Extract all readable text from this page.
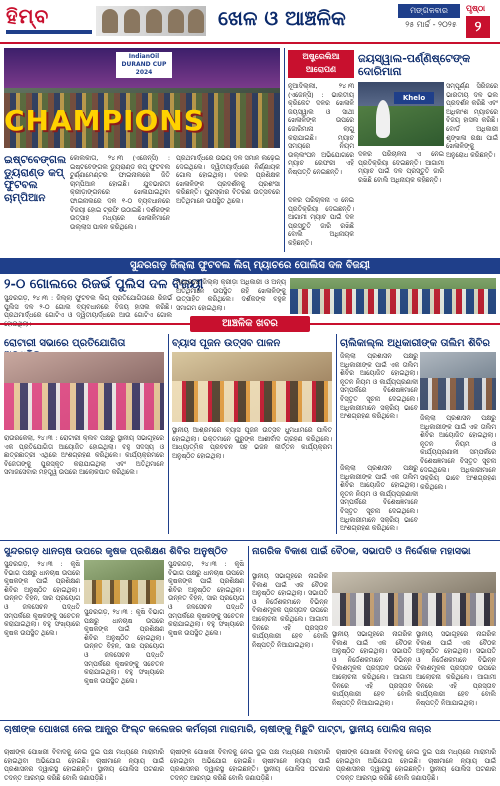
ହିମ୍ବ	ଖେଳ ଓ ଆଞ୍ଚଳିକ	ମଙ୍ଗଳବାର
୨୫ ମାର୍ଚ୍ଚ - ୨୦୨୫
ପୃଷ୍ଠା
୨
IndianOil DURAND CUP 2024
CHAMPIONS
ଇଷ୍ଟବେଙ୍ଗଲ ଡ୍ୟୁରାଣ୍ଡ କପ୍ ଫୁଟବଲ ଚାମ୍ପିଆନ
କୋଲକାତା, ୨୪।୩ (ଏଜେନ୍ସି) : ଇଷ୍ଟବେଙ୍ଗଲ ଡ୍ୟୁରାଣ୍ଡ କପ୍ ଫୁଟବଲ ଟୁର୍ଣ୍ଣାମେଣ୍ଟର ଫାଇନାଲରେ ଜିତି ଚାମ୍ପିଆନ ହୋଇଛି। ଯୁବଭାରତୀ କ୍ରୀଡ଼ାଙ୍ଗନରେ ଖେଳାଯାଇଥିବା ଫାଇନାଲରେ ଦଳ ୧-୦ ବ୍ୟବଧାନରେ ବିଜୟୀ ହୋଇ ଟ୍ରଫି ଉଠାଇଛି। ଦର୍ଶକଙ୍କ ଉତ୍ସାହ ମଧ୍ୟରେ ଖେଳାଳିମାନେ ଉଲ୍ଲାସ ପାଳନ କରିଥିଲେ।
ପ୍ରଥମାର୍ଦ୍ଧରେ ଉଭୟ ଦଳ ସମାନ ଲଢ଼େଇ ଦେଇଥିଲେ। ଦ୍ୱିତୀୟାର୍ଦ୍ଧରେ ନିର୍ଣ୍ଣାୟକ ଗୋଲ ହୋଇଥିଲା। ଦଳର ପ୍ରଶିକ୍ଷକ ଖେଳାଳିଙ୍କ ପ୍ରଦର୍ଶନକୁ ପ୍ରଶଂସା କରିଛନ୍ତି। ପୁରସ୍କାର ବିତରଣ ଉତ୍ସବରେ ଅତିଥିମାନେ ଉପସ୍ଥିତ ଥିଲେ।
ଅଷ୍ଟ୍ରେଲିଆ ଆରୋପଣ
ଜୟସ୍ୱାଲ-ପର୍ଣ୍ଣିଷ୍ଟେଙ୍କ ଦୋରିମାନା
ନୂଆଦିଲ୍ଲୀ, ୨୪।୩ (ଏଜେନ୍ସି) : ଭାରତୀୟ କ୍ରିକେଟ ଦଳର ଖେଳାଳି ଜୟସ୍ୱାଲ ଓ ସାଥୀ ଖେଳାଳିଙ୍କ ଉପରେ ଜୋରିମାନା ଲାଗୁ କରାଯାଇଛି। ମ୍ୟାଚ ସମୟରେ ନିୟମ ଉଲ୍ଲଂଘନ ଅଭିଯୋଗରେ ମ୍ୟାଚ ରେଫରୀ ଏହି ନିଷ୍ପତ୍ତି ନେଇଛନ୍ତି।
Khelo
ସମ୍ପୂର୍ଣ୍ଣ ସିରିଜରେ ଭାରତୀୟ ଦଳ ଭଲ ପ୍ରଦର୍ଶନ କରିଛି ଏବଂ ଅଧିକାଂଶ ମ୍ୟାଚରେ ବିଜୟ ହାସଲ କରିଛି। ବୋର୍ଡ ଅଧିକାରୀ ଶୃଙ୍ଖଳା ରକ୍ଷା ପାଇଁ ଖେଳାଳିଙ୍କୁ ଅନୁରୋଧ କରିଛନ୍ତି।
ଦଳର ପରିଚାଳନା ଏ ନେଇ ପ୍ରତିକ୍ରିୟା ଦେଇଛନ୍ତି। ଆଗାମୀ ମ୍ୟାଚ ପାଇଁ ଦଳ ପ୍ରସ୍ତୁତି ଜାରି ରଖିଛି ବୋଲି ଅଧିନାୟକ କହିଛନ୍ତି।
ଦଳର ପରିଚାଳନା ଏ ନେଇ ପ୍ରତିକ୍ରିୟା ଦେଇଛନ୍ତି। ଆଗାମୀ ମ୍ୟାଚ ପାଇଁ ଦଳ ପ୍ରସ୍ତୁତି ଜାରି ରଖିଛି ବୋଲି ଅଧିନାୟକ କହିଛନ୍ତି।
ସୁନ୍ଦରଗଡ଼ ଜିଲ୍ଲା ଫୁଟବଲ ଲିଗ୍ ମ୍ୟାଚରେ ପୋଲିସ ଦଳ ବିଜୟୀ
୨-୦ ଗୋଲରେ ରିଜର୍ଭ ପୁଲିସ ଦଳ ବିଜୟୀ
ସୁନ୍ଦରଗଡ଼, ୨୪।୩ : ଜିଲ୍ଲା ଫୁଟବଲ ଲିଗ୍ ପ୍ରତିଯୋଗିତାରେ ରିଜର୍ଭ ପୁଲିସ ଦଳ ୨-୦ ଗୋଲ ବ୍ୟବଧାନରେ ବିଜୟ ହାସଲ କରିଛି। ପ୍ରଥମାର୍ଦ୍ଧରେ ଗୋଟିଏ ଓ ଦ୍ୱିତୀୟାର୍ଦ୍ଧରେ ଆଉ ଗୋଟିଏ ଗୋଲ
ମ୍ୟାଚରେ ଜିଲ୍ଲା କ୍ରୀଡ଼ା ଅଧିକାରୀ ଓ ଅନ୍ୟ ଅତିଥିମାନେ ଉପସ୍ଥିତ ରହି ଖେଳାଳିଙ୍କୁ ଉତ୍ସାହିତ କରିଥିଲେ। ଦର୍ଶକଙ୍କ ବହୁଳ ସମାଗମ ହୋଇଥିଲା।
ଆଞ୍ଚଳିକ ଖବର
ରୋଟାରୀ ସଭାରେ ପ୍ରତିଯୋଗିତା
ରାଉରକେଲା, ୨୪।୩ : ରୋଟାରୀ କ୍ଲବ ପକ୍ଷରୁ ସ୍ଥାନୀୟ ସଭାଗୃହରେ ଏକ ପ୍ରତିଯୋଗିତା ଆୟୋଜିତ ହୋଇଥିଲା। ବହୁ ସଦସ୍ୟ ଓ ଛାତ୍ରଛାତ୍ରୀ ଏଥିରେ ଅଂଶଗ୍ରହଣ କରିଥିଲେ। କାର୍ଯ୍ୟକ୍ରମରେ ବିଜେତାଙ୍କୁ ପୁରସ୍କୃତ କରାଯାଇଥିଲା ଏବଂ ଅତିଥିମାନେ ସମାଜସେବାର ମହତ୍ତ୍ୱ ଉପରେ ଆଲୋକପାତ କରିଥିଲେ।
ବ୍ୟାସ ପୂଜନ ଉତ୍ସବ ପାଳନ
ସ୍ଥାନୀୟ ଆଶ୍ରମରେ ବ୍ୟାସ ପୂଜନ ଉତ୍ସବ ଧୁମଧାମରେ ପାଳିତ ହୋଇଥିଲା। ଭକ୍ତମାନେ ଗୁରୁଙ୍କ ଆଶୀର୍ବାଦ ଗ୍ରହଣ କରିଥିଲେ। ଆଧ୍ୟାତ୍ମିକ ପ୍ରବଚନ ସହ ଭଜନ କୀର୍ତ୍ତନ କାର୍ଯ୍ୟକ୍ରମ ଅନୁଷ୍ଠିତ ହୋଇଥିଲା।
ଚାଲିକାଲ୍ଲ ଅଧିକାରୀଙ୍କ ତାଲିମ ଶିବିର
ଜିଲ୍ଲା ପ୍ରଶାସନ ପକ୍ଷରୁ ଅଧିକାରୀଙ୍କ ପାଇଁ ଏକ ତାଲିମ ଶିବିର ଆୟୋଜିତ ହୋଇଥିଲା। ନୂତନ ନିୟମ ଓ କାର୍ଯ୍ୟପ୍ରଣାଳୀ ସମ୍ପର୍କରେ ବିଶେଷଜ୍ଞମାନେ ବିସ୍ତୃତ ସୂଚନା ଦେଇଥିଲେ। ଅଧିକାରୀମାନେ ସକ୍ରିୟ ଭାବେ ଅଂଶଗ୍ରହଣ କରିଥିଲେ।	ଜିଲ୍ଲା ପ୍ରଶାସନ ପକ୍ଷରୁ ଅଧିକାରୀଙ୍କ ପାଇଁ ଏକ ତାଲିମ ଶିବିର ଆୟୋଜିତ ହୋଇଥିଲା। ନୂତନ ନିୟମ ଓ କାର୍ଯ୍ୟପ୍ରଣାଳୀ ସମ୍ପର୍କରେ ବିଶେଷଜ୍ଞମାନେ ବିସ୍ତୃତ ସୂଚନା ଦେଇଥିଲେ। ଅଧିକାରୀମାନେ ସକ୍ରିୟ ଭାବେ ଅଂଶଗ୍ରହଣ କରିଥିଲେ।
ଜିଲ୍ଲା ପ୍ରଶାସନ ପକ୍ଷରୁ ଅଧିକାରୀଙ୍କ ପାଇଁ ଏକ ତାଲିମ ଶିବିର ଆୟୋଜିତ ହୋଇଥିଲା। ନୂତନ ନିୟମ ଓ କାର୍ଯ୍ୟପ୍ରଣାଳୀ ସମ୍ପର୍କରେ ବିଶେଷଜ୍ଞମାନେ ବିସ୍ତୃତ ସୂଚନା ଦେଇଥିଲେ। ଅଧିକାରୀମାନେ ସକ୍ରିୟ ଭାବେ ଅଂଶଗ୍ରହଣ କରିଥିଲେ।
ସୁନ୍ଦରଗଡ଼ ଧାନଚାଷ ଉପରେ କୃଷକ ପ୍ରଶିକ୍ଷଣ ଶିବିର ଅନୁଷ୍ଠିତ
ସୁନ୍ଦରଗଡ଼, ୨୪।୩ : କୃଷି ବିଭାଗ ପକ୍ଷରୁ ଧାନଚାଷ ଉପରେ କୃଷକଙ୍କ ପାଇଁ ପ୍ରଶିକ୍ଷଣ ଶିବିର ଅନୁଷ୍ଠିତ ହୋଇଥିଲା। ଉନ୍ନତ ବିହନ, ସାର ପ୍ରୟୋଗ ଓ ଜଳସେଚନ ପଦ୍ଧତି ସମ୍ପର୍କରେ କୃଷକଙ୍କୁ ସଚେତନ କରାଯାଇଥିଲା। ବହୁ ସଂଖ୍ୟାରେ କୃଷକ ଉପସ୍ଥିତ ଥିଲେ।
ସୁନ୍ଦରଗଡ଼, ୨୪।୩ : କୃଷି ବିଭାଗ ପକ୍ଷରୁ ଧାନଚାଷ ଉପରେ କୃଷକଙ୍କ ପାଇଁ ପ୍ରଶିକ୍ଷଣ ଶିବିର ଅନୁଷ୍ଠିତ ହୋଇଥିଲା। ଉନ୍ନତ ବିହନ, ସାର ପ୍ରୟୋଗ ଓ ଜଳସେଚନ ପଦ୍ଧତି ସମ୍ପର୍କରେ କୃଷକଙ୍କୁ ସଚେତନ କରାଯାଇଥିଲା। ବହୁ ସଂଖ୍ୟାରେ କୃଷକ ଉପସ୍ଥିତ ଥିଲେ।
ସୁନ୍ଦରଗଡ଼, ୨୪।୩ : କୃଷି ବିଭାଗ ପକ୍ଷରୁ ଧାନଚାଷ ଉପରେ କୃଷକଙ୍କ ପାଇଁ ପ୍ରଶିକ୍ଷଣ ଶିବିର ଅନୁଷ୍ଠିତ ହୋଇଥିଲା। ଉନ୍ନତ ବିହନ, ସାର ପ୍ରୟୋଗ ଓ ଜଳସେଚନ ପଦ୍ଧତି ସମ୍ପର୍କରେ କୃଷକଙ୍କୁ ସଚେତନ କରାଯାଇଥିଲା। ବହୁ ସଂଖ୍ୟାରେ କୃଷକ ଉପସ୍ଥିତ ଥିଲେ।
ନାଗରିକ ବିକାଶ ପାଇଁ ବୈଠକ, ସଭାପତି ଓ ନିର୍ଦ୍ଦେଶକ ମହାସଭା
ସ୍ଥାନୀୟ ସଭାଗୃହରେ ନାଗରିକ ବିକାଶ ପାଇଁ ଏକ ବୈଠକ ଅନୁଷ୍ଠିତ ହୋଇଥିଲା। ସଭାପତି ଓ ନିର୍ଦ୍ଦେଶକମାନେ ବିଭିନ୍ନ ବିକାଶମୂଳକ ପ୍ରସ୍ତାବ ଉପରେ ଆଲୋଚନା କରିଥିଲେ। ଆଗାମୀ ଦିନରେ ଏହି ପ୍ରସ୍ତାବ କାର୍ଯ୍ୟକାରୀ ହେବ ବୋଲି ନିଷ୍ପତ୍ତି ନିଆଯାଇଥିଲା।
ସ୍ଥାନୀୟ ସଭାଗୃହରେ ନାଗରିକ ବିକାଶ ପାଇଁ ଏକ ବୈଠକ ଅନୁଷ୍ଠିତ ହୋଇଥିଲା। ସଭାପତି ଓ ନିର୍ଦ୍ଦେଶକମାନେ ବିଭିନ୍ନ ବିକାଶମୂଳକ ପ୍ରସ୍ତାବ ଉପରେ ଆଲୋଚନା କରିଥିଲେ। ଆଗାମୀ ଦିନରେ ଏହି ପ୍ରସ୍ତାବ କାର୍ଯ୍ୟକାରୀ ହେବ ବୋଲି ନିଷ୍ପତ୍ତି ନିଆଯାଇଥିଲା।
ସ୍ଥାନୀୟ ସଭାଗୃହରେ ନାଗରିକ ବିକାଶ ପାଇଁ ଏକ ବୈଠକ ଅନୁଷ୍ଠିତ ହୋଇଥିଲା। ସଭାପତି ଓ ନିର୍ଦ୍ଦେଶକମାନେ ବିଭିନ୍ନ ବିକାଶମୂଳକ ପ୍ରସ୍ତାବ ଉପରେ ଆଲୋଚନା କରିଥିଲେ। ଆଗାମୀ ଦିନରେ ଏହି ପ୍ରସ୍ତାବ କାର୍ଯ୍ୟକାରୀ ହେବ ବୋଲି ନିଷ୍ପତ୍ତି ନିଆଯାଇଥିଲା।
ଚାଷୀଙ୍କ ପୋଖରୀ ନେଇ ଆନ୍ଧ୍ର ଫିଲ୍ଟ କଲେଜର କର୍ମଚାରୀ ମାରାମାରି, ଚାଷୀଙ୍କୁ ମିଛୁଟି ପାଟ୍ଟା, ସ୍ଥାନୀୟ ପୋଲିସ ନାଚାର
ଚାଷୀଙ୍କ ପୋଖରୀ ବିବାଦକୁ ନେଇ ଦୁଇ ପକ୍ଷ ମଧ୍ୟରେ ମାରାମାରି ହୋଇଥିବା ଅଭିଯୋଗ ହୋଇଛି। ଚାଷୀମାନେ ନ୍ୟାୟ ପାଇଁ ପ୍ରଶାସନର ଦ୍ୱାରସ୍ଥ ହୋଇଛନ୍ତି। ସ୍ଥାନୀୟ ପୋଲିସ ଘଟଣାର ତଦନ୍ତ ଆରମ୍ଭ କରିଛି ବୋଲି ଜଣାପଡ଼ିଛି।
ଚାଷୀଙ୍କ ପୋଖରୀ ବିବାଦକୁ ନେଇ ଦୁଇ ପକ୍ଷ ମଧ୍ୟରେ ମାରାମାରି ହୋଇଥିବା ଅଭିଯୋଗ ହୋଇଛି। ଚାଷୀମାନେ ନ୍ୟାୟ ପାଇଁ ପ୍ରଶାସନର ଦ୍ୱାରସ୍ଥ ହୋଇଛନ୍ତି। ସ୍ଥାନୀୟ ପୋଲିସ ଘଟଣାର ତଦନ୍ତ ଆରମ୍ଭ କରିଛି ବୋଲି ଜଣାପଡ଼ିଛି।
ଚାଷୀଙ୍କ ପୋଖରୀ ବିବାଦକୁ ନେଇ ଦୁଇ ପକ୍ଷ ମଧ୍ୟରେ ମାରାମାରି ହୋଇଥିବା ଅଭିଯୋଗ ହୋଇଛି। ଚାଷୀମାନେ ନ୍ୟାୟ ପାଇଁ ପ୍ରଶାସନର ଦ୍ୱାରସ୍ଥ ହୋଇଛନ୍ତି। ସ୍ଥାନୀୟ ପୋଲିସ ଘଟଣାର ତଦନ୍ତ ଆରମ୍ଭ କରିଛି ବୋଲି ଜଣାପଡ଼ିଛି।
